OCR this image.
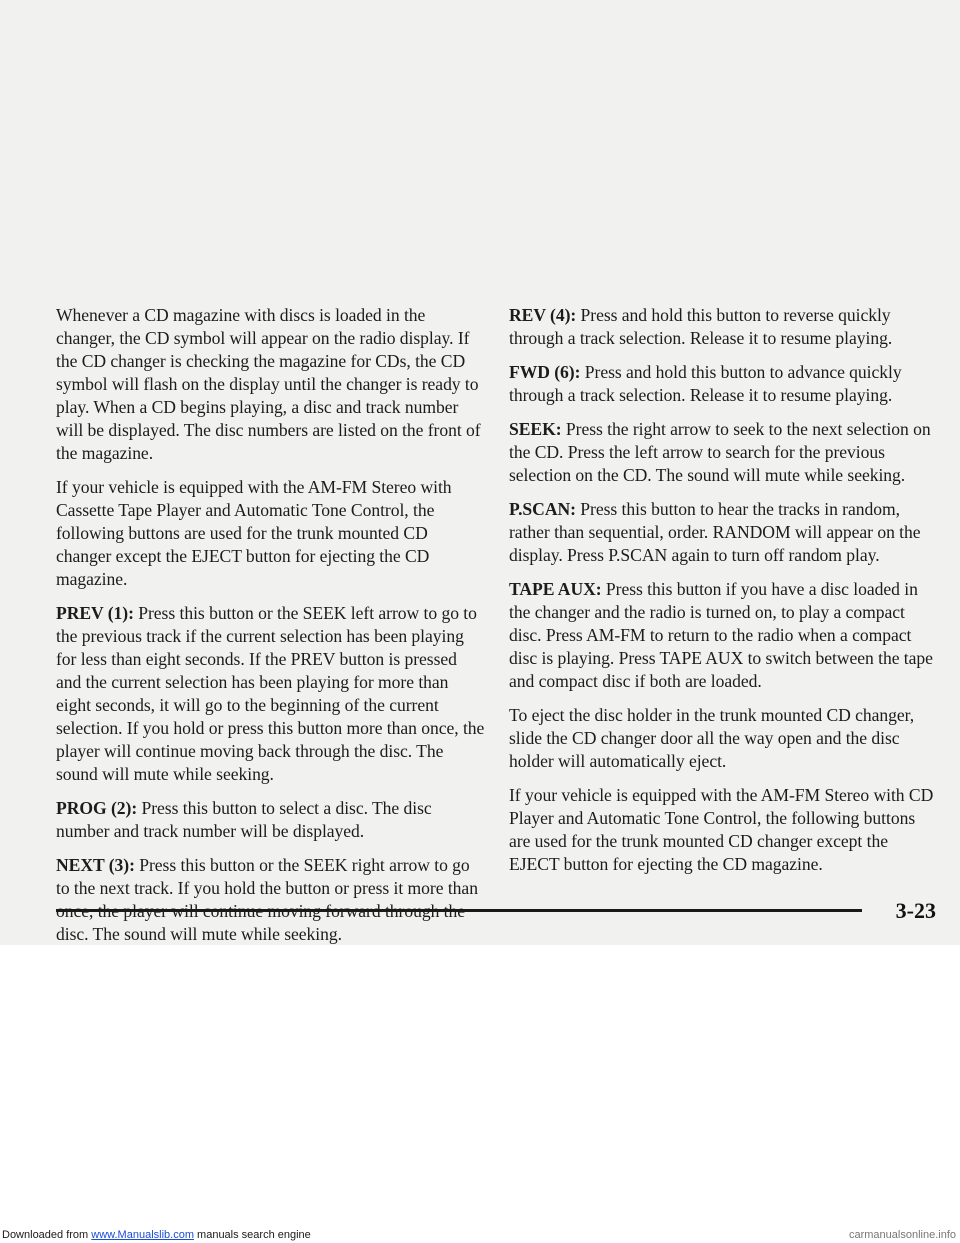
Whenever a CD magazine with discs is loaded in the changer, the CD symbol will appear on the radio display. If the CD changer is checking the magazine for CDs, the CD symbol will flash on the display until the changer is ready to play. When a CD begins playing, a disc and track number will be displayed. The disc numbers are listed on the front of the magazine.

If your vehicle is equipped with the AM-FM Stereo with Cassette Tape Player and Automatic Tone Control, the following buttons are used for the trunk mounted CD changer except the EJECT button for ejecting the CD magazine.

PREV (1): Press this button or the SEEK left arrow to go to the previous track if the current selection has been playing for less than eight seconds. If the PREV button is pressed and the current selection has been playing for more than eight seconds, it will go to the beginning of the current selection. If you hold or press this button more than once, the player will continue moving back through the disc. The sound will mute while seeking.

PROG (2): Press this button to select a disc. The disc number and track number will be displayed.

NEXT (3): Press this button or the SEEK right arrow to go to the next track. If you hold the button or press it more than disc. The sound will mute while seeking.

REV (4): Press and hold this button to reverse quickly through a track selection. Release it to resume playing.

FWD (6): Press and hold this button to advance quickly through a track selection. Release it to resume playing.

SEEK: Press the right arrow to seek to the next selection on the CD. Press the left arrow to search for the previous selection on the CD. The sound will mute while seeking.

P.SCAN: Press this button to hear the tracks in random, rather than sequential, order. RANDOM will appear on the display. Press P.SCAN again to turn off random play.

TAPE AUX: Press this button if you have a disc loaded in the changer and the radio is turned on, to play a compact disc. Press AM-FM to return to the radio when a compact disc is playing. Press TAPE AUX to switch between the tape and compact disc if both are loaded.

To eject the disc holder in the trunk mounted CD changer, slide the CD changer door all the way open and the disc holder will automatically eject.

If your vehicle is equipped with the AM-FM Stereo with CD Player and Automatic Tone Control, the following buttons are used for the trunk mounted CD changer except the EJECT button for ejecting the CD magazine.

3-23
Downloaded from www.Manualslib.com manuals search engine	carmanualsonline.info
